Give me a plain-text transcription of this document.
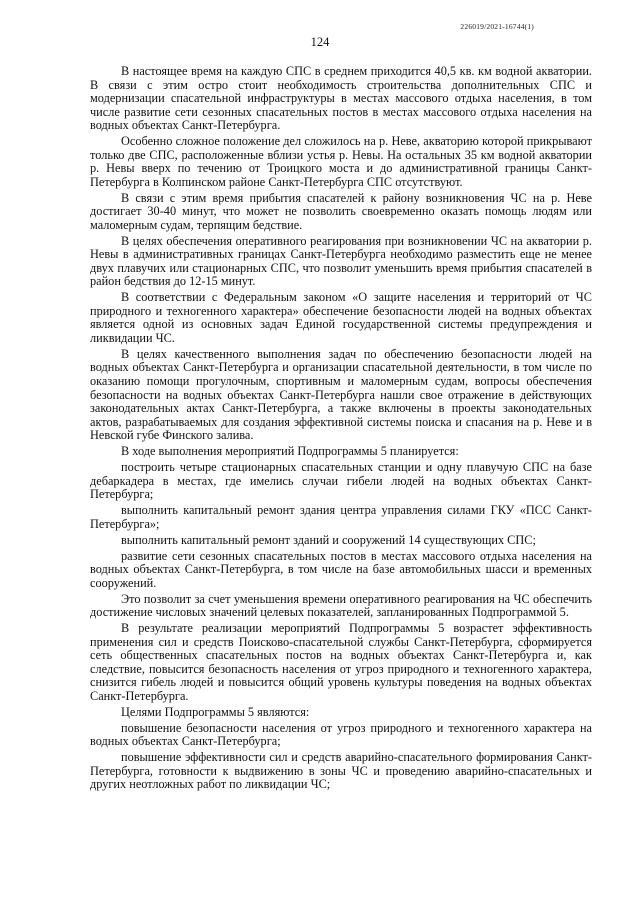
226019/2021-16744(1)
124

В настоящее время на каждую СПС в среднем приходится 40,5 кв. км водной акватории. В связи с этим остро стоит необходимость строительства дополнительных СПС и модернизации спасательной инфраструктуры в местах массового отдыха населения, в том числе развитие сети сезонных спасательных постов в местах массового отдыха населения на водных объектах Санкт-Петербурга.

Особенно сложное положение дел сложилось на р. Неве, акваторию которой прикрывают только две СПС, расположенные вблизи устья р. Невы. На остальных 35 км водной акватории р. Невы вверх по течению от Троицкого моста и до административной границы Санкт-Петербурга в Колпинском районе Санкт-Петербурга СПС отсутствуют.

В связи с этим время прибытия спасателей к району возникновения ЧС на р. Неве достигает 30-40 минут, что может не позволить своевременно оказать помощь людям или маломерным судам, терпящим бедствие.

В целях обеспечения оперативного реагирования при возникновении ЧС на акватории р. Невы в административных границах Санкт-Петербурга необходимо разместить еще не менее двух плавучих или стационарных СПС, что позволит уменьшить время прибытия спасателей в район бедствия до 12-15 минут.

В соответствии с Федеральным законом «О защите населения и территорий от ЧС природного и техногенного характера» обеспечение безопасности людей на водных объектах является одной из основных задач Единой государственной системы предупреждения и ликвидации ЧС.

В целях качественного выполнения задач по обеспечению безопасности людей на водных объектах Санкт-Петербурга и организации спасательной деятельности, в том числе по оказанию помощи прогулочным, спортивным и маломерным судам, вопросы обеспечения безопасности на водных объектах Санкт-Петербурга нашли свое отражение в действующих законодательных актах Санкт-Петербурга, а также включены в проекты законодательных актов, разрабатываемых для создания эффективной системы поиска и спасания на р. Неве и в Невской губе Финского залива.

В ходе выполнения мероприятий Подпрограммы 5 планируется:

построить четыре стационарных спасательных станции и одну плавучую СПС на базе дебаркадера в местах, где имелись случаи гибели людей на водных объектах Санкт-Петербурга;

выполнить капитальный ремонт здания центра управления силами ГКУ «ПСС Санкт-Петербурга»;

выполнить капитальный ремонт зданий и сооружений 14 существующих СПС;

развитие сети сезонных спасательных постов в местах массового отдыха населения на водных объектах Санкт-Петербурга, в том числе на базе автомобильных шасси и временных сооружений.

Это позволит за счет уменьшения времени оперативного реагирования на ЧС обеспечить достижение числовых значений целевых показателей, запланированных Подпрограммой 5.

В результате реализации мероприятий Подпрограммы 5 возрастет эффективность применения сил и средств Поисково-спасательной службы Санкт-Петербурга, сформируется сеть общественных спасательных постов на водных объектах Санкт-Петербурга и, как следствие, повысится безопасность населения от угроз природного и техногенного характера, снизится гибель людей и повысится общий уровень культуры поведения на водных объектах Санкт-Петербурга.

Целями Подпрограммы 5 являются:

повышение безопасности населения от угроз природного и техногенного характера на водных объектах Санкт-Петербурга;

повышение эффективности сил и средств аварийно-спасательного формирования Санкт-Петербурга, готовности к выдвижению в зоны ЧС и проведению аварийно-спасательных и других неотложных работ по ликвидации ЧС;
